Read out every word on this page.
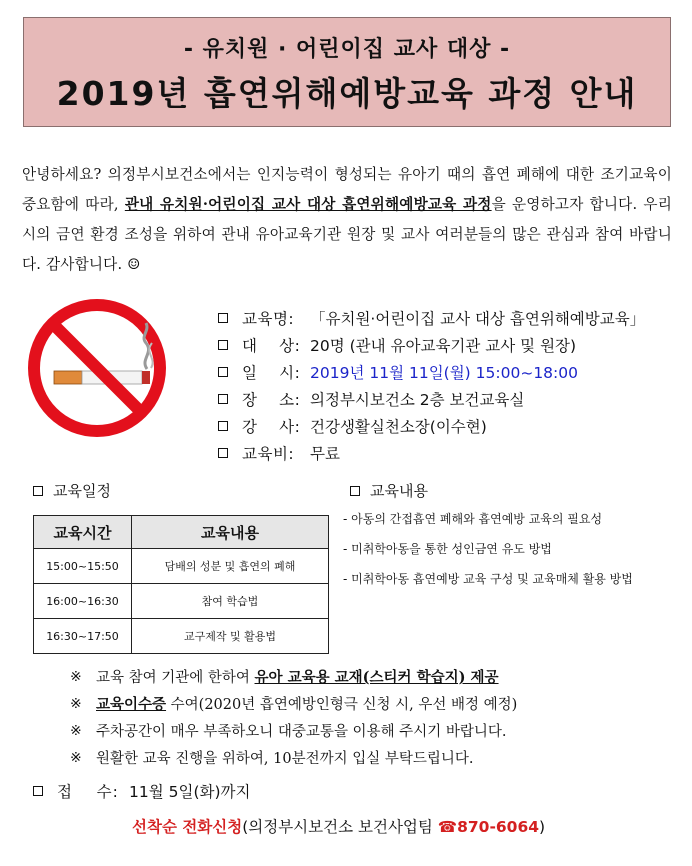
- 유치원 · 어린이집 교사 대상 -
2019년 흡연위해예방교육 과정 안내
안녕하세요? 의정부시보건소에서는 인지능력이 형성되는 유아기 때의 흡연 폐해에 대한 조기교육이 중요함에 따라, 관내 유치원·어린이집 교사 대상 흡연위해예방교육 과정을 운영하고자 합니다. 우리 시의 금연 환경 조성을 위하여 관내 유아교육기관 원장 및 교사 여러분들의 많은 관심과 참여 바랍니다. 감사합니다. ☺
교육명:	「유치원·어린이집 교사 대상 흡연위해예방교육」
대    상: 20명 (관내 유아교육기관 교사 및 원장)
일    시: 2019년 11월 11일(월) 15:00~18:00
장    소: 의정부시보건소 2층 보건교육실
강    사: 건강생활실천소장(이수현)
교육비:	무료
교육일정
교육시간	교육내용
15:00~15:50	담배의 성분 및 흡연의 폐해
16:00~16:30	참여 학습법
16:30~17:50	교구제작 및 활용법
교육내용
- 아동의 간접흡연 폐해와 흡연예방 교육의 필요성
- 미취학아동을 통한 성인금연 유도 방법
- 미취학아동 흡연예방 교육 구성 및 교육매체 활용 방법
※ 교육 참여 기관에 한하여 유아 교육용 교재(스티커 학습지) 제공
※ 교육이수증 수여(2020년 흡연예방인형극 신청 시, 우선 배정 예정)
※ 주차공간이 매우 부족하오니 대중교통을 이용해 주시기 바랍니다.
※ 원활한 교육 진행을 위하여, 10분전까지 입실 부탁드립니다.
접    수: 11월 5일(화)까지
선착순 전화신청(의정부시보건소 보건사업팀 ☎870-6064)
